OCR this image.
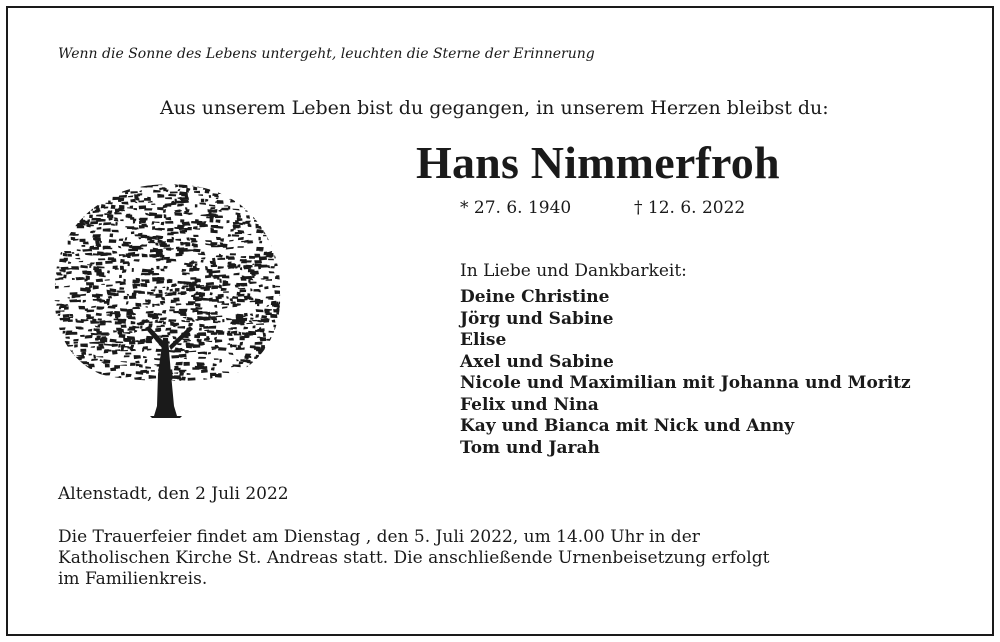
Wenn die Sonne des Lebens untergeht, leuchten die Sterne der Erinnerung
Aus unserem Leben bist du gegangen, in unserem Herzen bleibst du:
Hans Nimmerfroh
* 27. 6. 1940	† 12. 6. 2022
In Liebe und Dankbarkeit:
Deine Christine
Jörg und Sabine
Elise
Axel und Sabine
Nicole und Maximilian mit Johanna und Moritz
Felix und Nina
Kay und Bianca mit Nick und Anny
Tom und Jarah
Altenstadt, den 2 Juli 2022
Die Trauerfeier findet am Dienstag , den 5. Juli 2022, um 14.00 Uhr in der
Katholischen Kirche St. Andreas statt. Die anschließende Urnenbeisetzung erfolgt
im Familienkreis.
